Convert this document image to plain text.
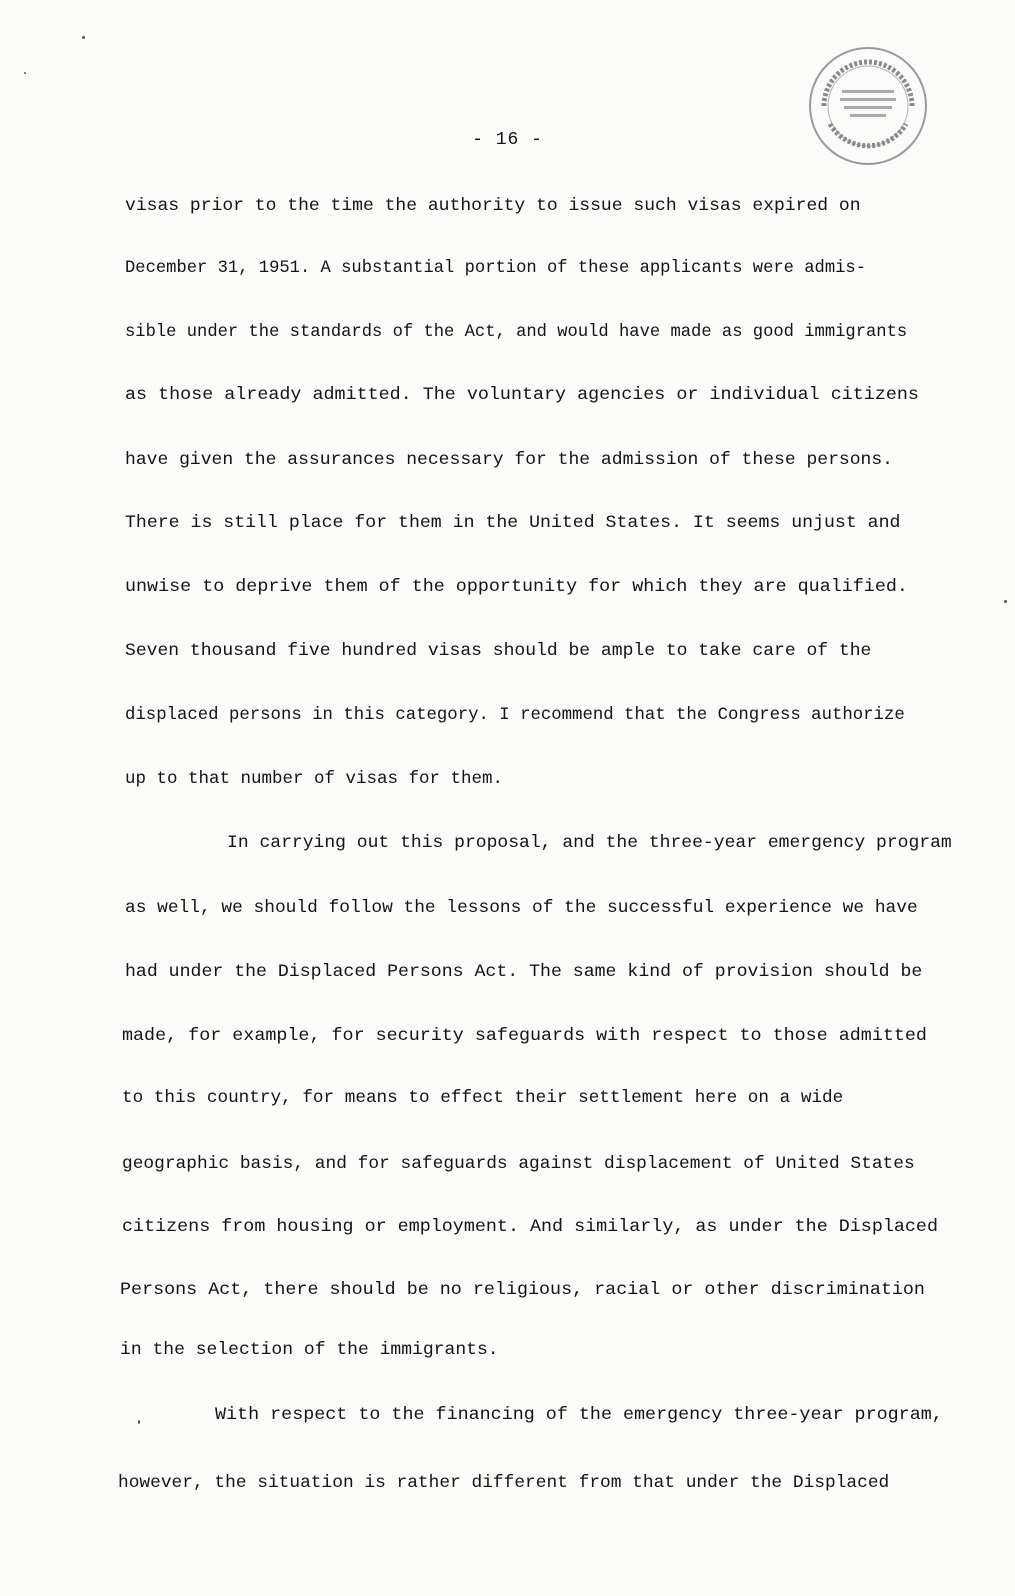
- 16 -
visas prior to the time the authority to issue such visas expired on
December 31, 1951. A substantial portion of these applicants were admis-
sible under the standards of the Act, and would have made as good immigrants
as those already admitted. The voluntary agencies or individual citizens
have given the assurances necessary for the admission of these persons.
There is still place for them in the United States. It seems unjust and
unwise to deprive them of the opportunity for which they are qualified.
Seven thousand five hundred visas should be ample to take care of the
displaced persons in this category. I recommend that the Congress authorize
up to that number of visas for them.
In carrying out this proposal, and the three-year emergency program
as well, we should follow the lessons of the successful experience we have
had under the Displaced Persons Act. The same kind of provision should be
made, for example, for security safeguards with respect to those admitted
to this country, for means to effect their settlement here on a wide
geographic basis, and for safeguards against displacement of United States
citizens from housing or employment. And similarly, as under the Displaced
Persons Act, there should be no religious, racial or other discrimination
in the selection of the immigrants.
With respect to the financing of the emergency three-year program,
however, the situation is rather different from that under the Displaced
